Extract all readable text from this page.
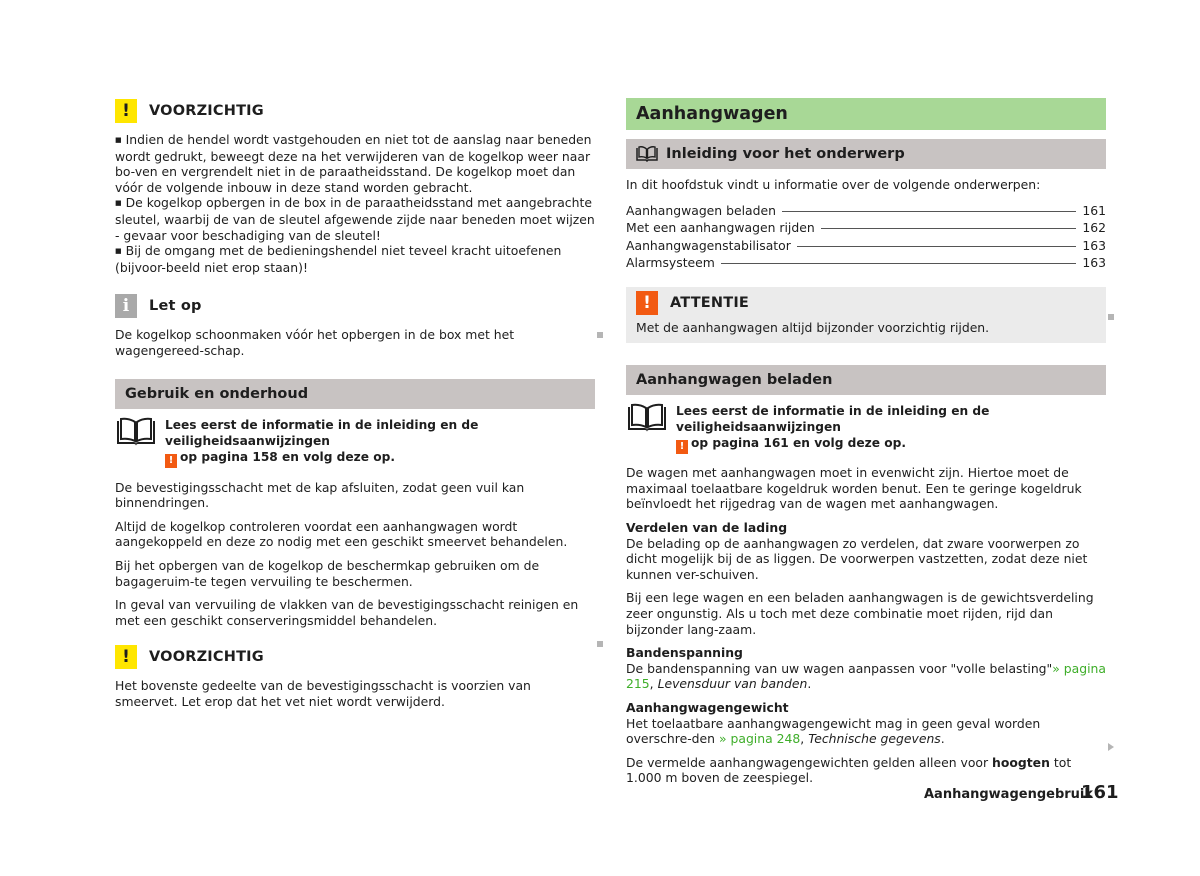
!	VOORZICHTIG

■ Indien de hendel wordt vastgehouden en niet tot de aanslag naar beneden wordt gedrukt, beweegt deze na het verwijderen van de kogelkop weer naar bo-ven en vergrendelt niet in de paraatheidsstand. De kogelkop moet dan vóór de volgende inbouw in deze stand worden gebracht.

■ De kogelkop opbergen in de box in de paraatheidsstand met aangebrachte sleutel, waarbij de van de sleutel afgewende zijde naar beneden moet wijzen - gevaar voor beschadiging van de sleutel!

■ Bij de omgang met de bedieningshendel niet teveel kracht uitoefenen (bijvoor-beeld niet erop staan)!

i	Let op

De kogelkop schoonmaken vóór het opbergen in de box met het wagengereed-schap.

Gebruik en onderhoud
Lees eerst de informatie in de inleiding en de veiligheidsaanwijzingen
! op pagina 158 en volg deze op.

De bevestigingsschacht met de kap afsluiten, zodat geen vuil kan binnendringen.

Altijd de kogelkop controleren voordat een aanhangwagen wordt aangekoppeld en deze zo nodig met een geschikt smeervet behandelen.

Bij het opbergen van de kogelkop de beschermkap gebruiken om de bagageruim-te tegen vervuiling te beschermen.

In geval van vervuiling de vlakken van de bevestigingsschacht reinigen en met een geschikt conserveringsmiddel behandelen.

!	VOORZICHTIG

Het bovenste gedeelte van de bevestigingsschacht is voorzien van smeervet. Let erop dat het vet niet wordt verwijderd.

Aanhangwagen
Inleiding voor het onderwerp

In dit hoofdstuk vindt u informatie over de volgende onderwerpen:

Aanhangwagen beladen	161
Met een aanhangwagen rijden	162
Aanhangwagenstabilisator	163
Alarmsysteem	163
!	ATTENTIE

Met de aanhangwagen altijd bijzonder voorzichtig rijden.

Aanhangwagen beladen
Lees eerst de informatie in de inleiding en de veiligheidsaanwijzingen
! op pagina 161 en volg deze op.

De wagen met aanhangwagen moet in evenwicht zijn. Hiertoe moet de maximaal toelaatbare kogeldruk worden benut. Een te geringe kogeldruk beïnvloedt het rijgedrag van de wagen met aanhangwagen.

Verdelen van de lading

De belading op de aanhangwagen zo verdelen, dat zware voorwerpen zo dicht mogelijk bij de as liggen. De voorwerpen vastzetten, zodat deze niet kunnen ver-schuiven.

Bij een lege wagen en een beladen aanhangwagen is de gewichtsverdeling zeer ongunstig. Als u toch met deze combinatie moet rijden, rijd dan bijzonder lang-zaam.

Bandenspanning

De bandenspanning van uw wagen aanpassen voor "volle belasting"» pagina 215, Levensduur van banden.

Aanhangwagengewicht

Het toelaatbare aanhangwagengewicht mag in geen geval worden overschre-den » pagina 248, Technische gegevens.

De vermelde aanhangwagengewichten gelden alleen voor hoogten tot 1.000 m boven de zeespiegel.

Aanhangwagengebruik
161
